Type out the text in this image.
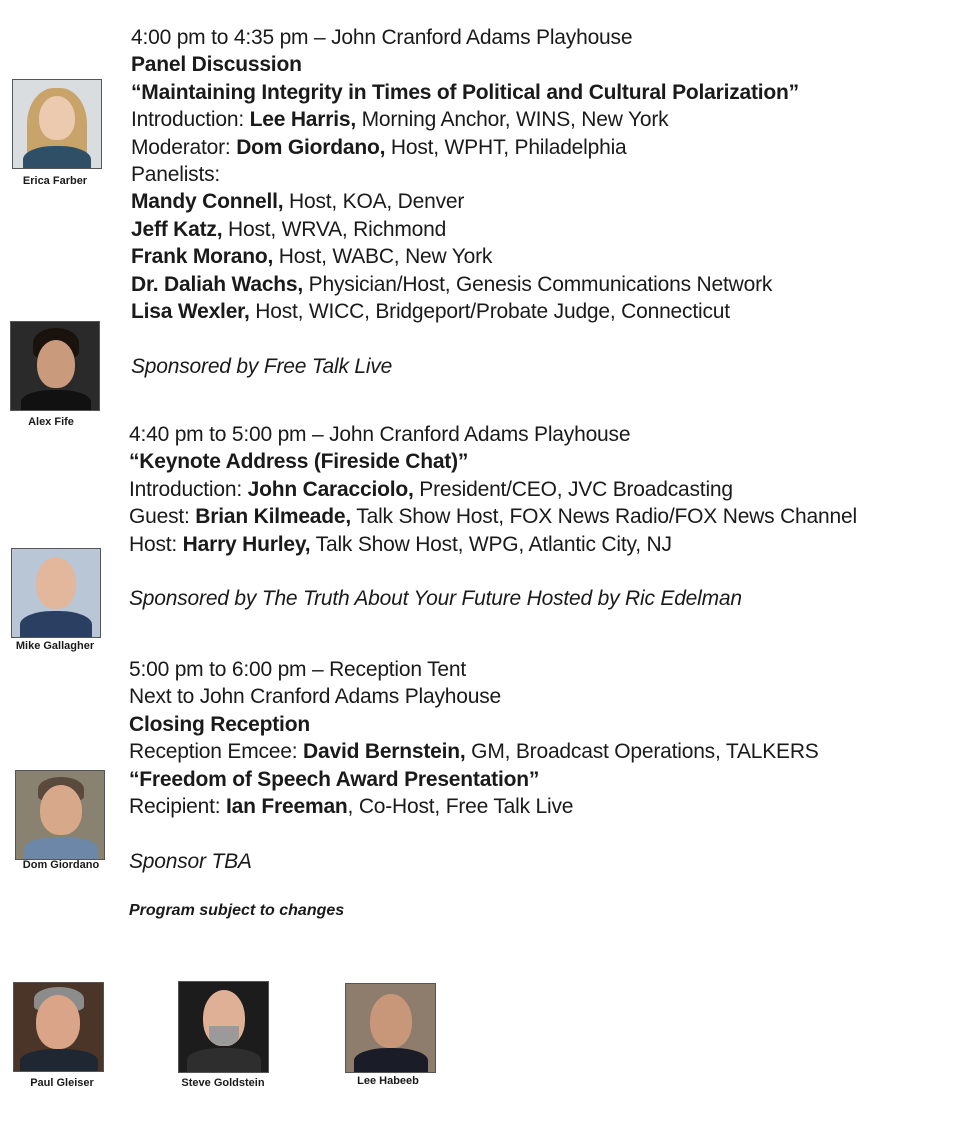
Erica Farber
Alex Fife
Mike Gallagher
Dom Giordano
Paul Gleiser	Steve Goldstein	Lee Habeeb
4:00 pm to 4:35 pm – John Cranford Adams Playhouse
Panel Discussion
“Maintaining Integrity in Times of Political and Cultural Polarization”
Introduction: Lee Harris, Morning Anchor, WINS, New York
Moderator: Dom Giordano, Host, WPHT, Philadelphia
Panelists:
Mandy Connell, Host, KOA, Denver
Jeff Katz, Host, WRVA, Richmond
Frank Morano, Host, WABC, New York
Dr. Daliah Wachs, Physician/Host, Genesis Communications Network
Lisa Wexler, Host, WICC, Bridgeport/Probate Judge, Connecticut
Sponsored by Free Talk Live
4:40 pm to 5:00 pm – John Cranford Adams Playhouse
“Keynote Address (Fireside Chat)”
Introduction: John Caracciolo, President/CEO, JVC Broadcasting
Guest: Brian Kilmeade, Talk Show Host, FOX News Radio/FOX News Channel
Host: Harry Hurley, Talk Show Host, WPG, Atlantic City, NJ
Sponsored by The Truth About Your Future Hosted by Ric Edelman
5:00 pm to 6:00 pm – Reception Tent
Next to John Cranford Adams Playhouse
Closing Reception
Reception Emcee: David Bernstein, GM, Broadcast Operations, TALKERS
“Freedom of Speech Award Presentation”
Recipient: Ian Freeman, Co-Host, Free Talk Live
Sponsor TBA
Program subject to changes
